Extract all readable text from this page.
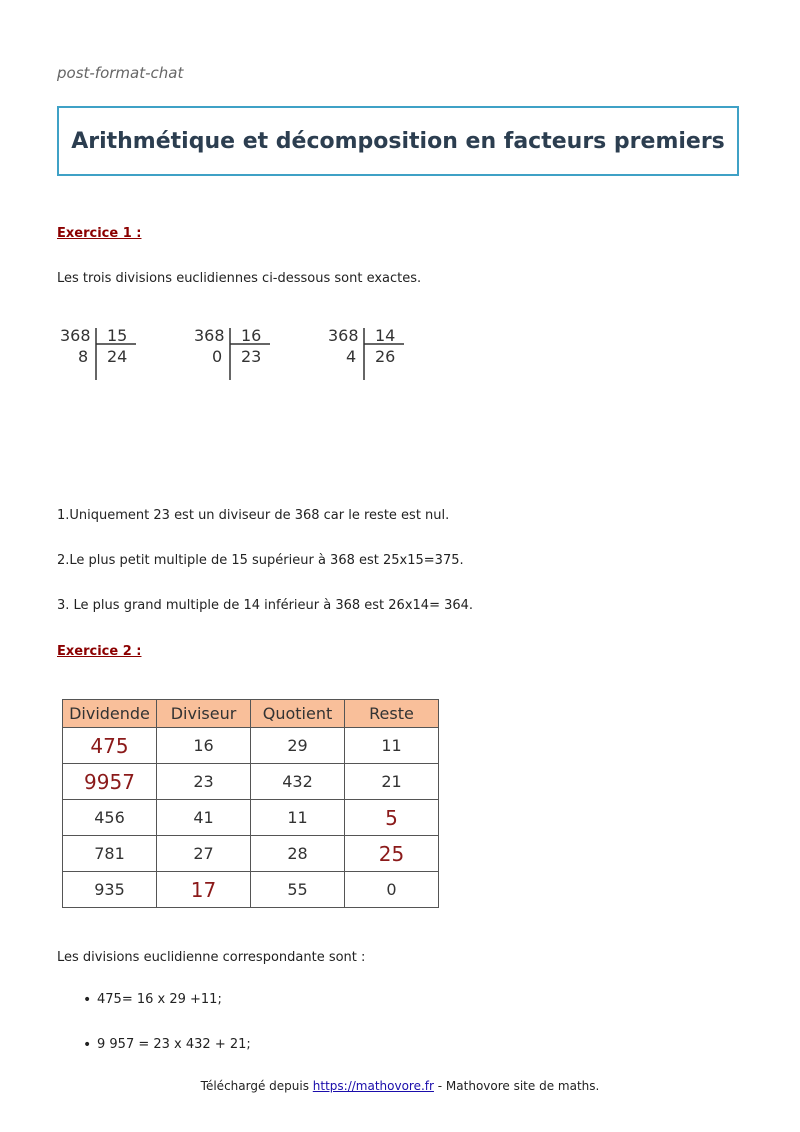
post-format-chat
Arithmétique et décomposition en facteurs premiers
Exercice 1 :
Les trois divisions euclidiennes ci-dessous sont exactes.
368 15
8 24
368 16
0 23
368 14
4 26
1.Uniquement 23 est un diviseur de 368 car le reste est nul.
2.Le plus petit multiple de 15 supérieur à 368 est 25x15=375.
3. Le plus grand multiple de 14 inférieur à 368 est 26x14= 364.
Exercice 2 :
Dividende	Diviseur	Quotient	Reste
475	16	29	11
9957	23	432	21
456	41	11	5
781	27	28	25
935	17	55	0
Les divisions euclidienne correspondante sont :
• 475= 16 x 29 +11;
• 9 957 = 23 x 432 + 21;
Téléchargé depuis https://mathovore.fr - Mathovore site de maths.
